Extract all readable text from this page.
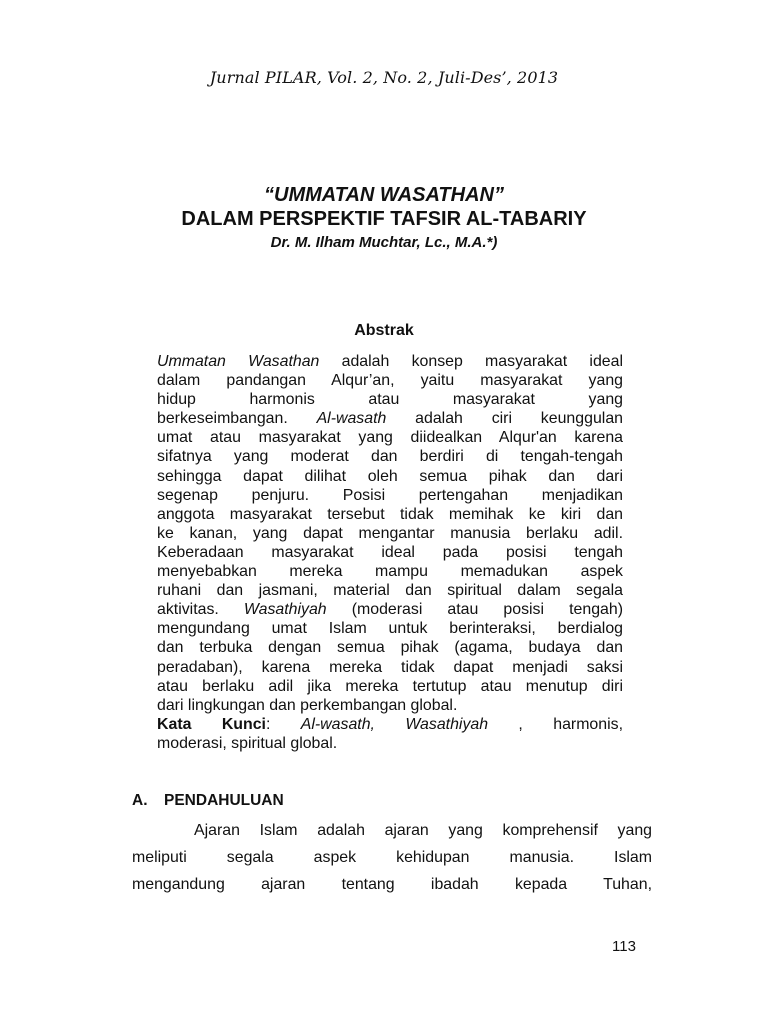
Jurnal PILAR, Vol. 2, No. 2, Juli-Des’, 2013
“UMMATAN WASATHAN”
DALAM PERSPEKTIF TAFSIR AL-TABARIY
Dr. M. Ilham Muchtar, Lc., M.A.*)
Abstrak
Ummatan Wasathan adalah konsep masyarakat ideal
dalam pandangan Alqur’an, yaitu masyarakat yang
hidup harmonis atau masyarakat yang
berkeseimbangan. Al-wasath adalah ciri keunggulan
umat atau masyarakat yang diidealkan Alqur'an karena
sifatnya yang moderat dan berdiri di tengah-tengah
sehingga dapat dilihat oleh semua pihak dan dari
segenap penjuru. Posisi pertengahan menjadikan
anggota masyarakat tersebut tidak memihak ke kiri dan
ke kanan, yang dapat mengantar manusia berlaku adil.
Keberadaan masyarakat ideal pada posisi tengah
menyebabkan mereka mampu memadukan aspek
ruhani dan jasmani, material dan spiritual dalam segala
aktivitas. Wasathiyah (moderasi atau posisi tengah)
mengundang umat Islam untuk berinteraksi, berdialog
dan terbuka dengan semua pihak (agama, budaya dan
peradaban), karena mereka tidak dapat menjadi saksi
atau berlaku adil jika mereka tertutup atau menutup diri
dari lingkungan dan perkembangan global.
Kata Kunci: Al-wasath, Wasathiyah , harmonis,
moderasi, spiritual global.
A. PENDAHULUAN
Ajaran Islam adalah ajaran yang komprehensif yang
meliputi segala aspek kehidupan manusia. Islam
mengandung ajaran tentang ibadah kepada Tuhan,
113
